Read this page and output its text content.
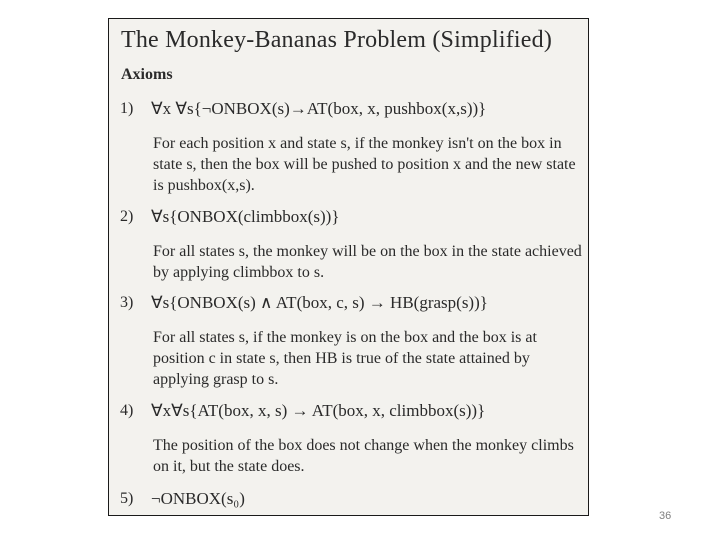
The Monkey-Bananas Problem (Simplified)
Axioms
1) ∀x ∀s{¬ONBOX(s)→AT(box, x, pushbox(x,s))}
For each position x and state s, if the monkey isn't on the box in state s, then the box will be pushed to position x and the new state is pushbox(x,s).
2) ∀s{ONBOX(climbbox(s))}
For all states s, the monkey will be on the box in the state achieved by applying climbbox to s.
3) ∀s{ONBOX(s) ∧ AT(box, c, s) → HB(grasp(s))}
For all states s, if the monkey is on the box and the box is at position c in state s, then HB is true of the state attained by applying grasp to s.
4) ∀x∀s{AT(box, x, s) → AT(box, x, climbbox(s))}
The position of the box does not change when the monkey climbs on it, but the state does.
5) ¬ONBOX(s₀)
36
